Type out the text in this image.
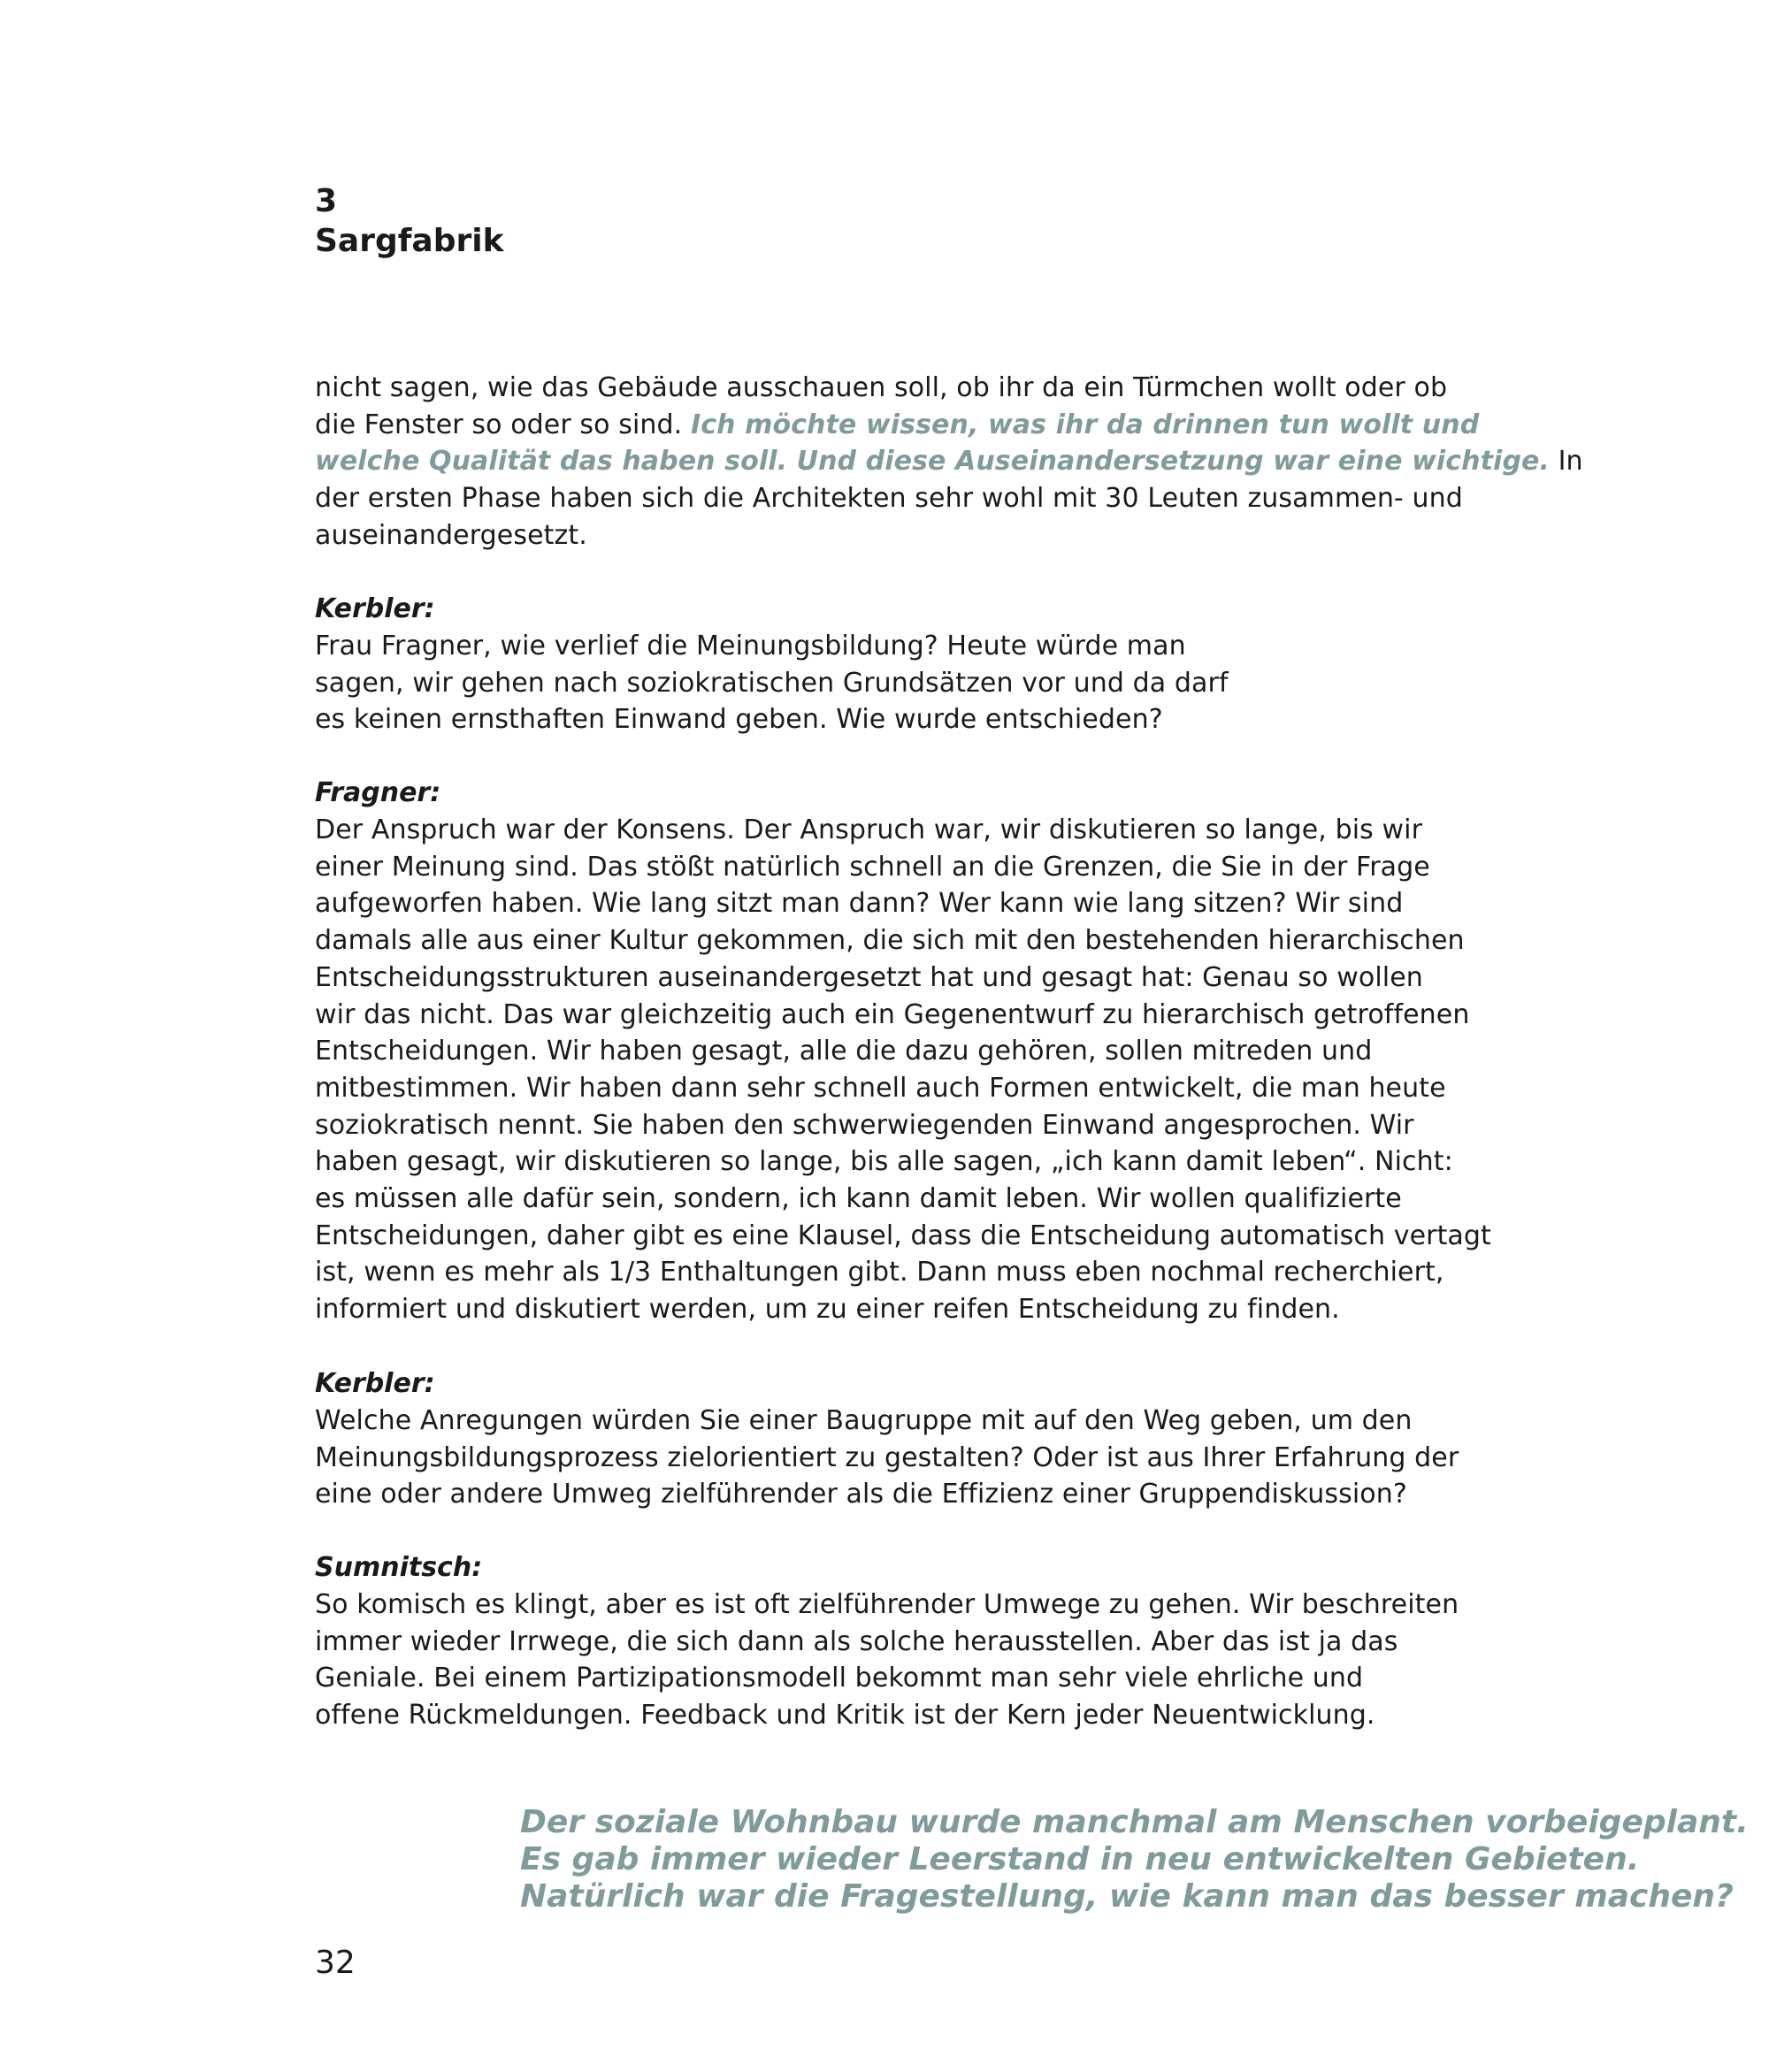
3
Sargfabrik

nicht sagen, wie das Gebäude ausschauen soll, ob ihr da ein Türmchen wollt oder ob
die Fenster so oder so sind. Ich möchte wissen, was ihr da drinnen tun wollt und
welche Qualität das haben soll. Und diese Auseinandersetzung war eine wichtige. In
der ersten Phase haben sich die Architekten sehr wohl mit 30 Leuten zusammen- und
auseinandergesetzt.

Kerbler:

Frau Fragner, wie verlief die Meinungsbildung? Heute würde man
sagen, wir gehen nach soziokratischen Grundsätzen vor und da darf
es keinen ernsthaften Einwand geben. Wie wurde entschieden?

Fragner:

Der Anspruch war der Konsens. Der Anspruch war, wir diskutieren so lange, bis wir
einer Meinung sind. Das stößt natürlich schnell an die Grenzen, die Sie in der Frage
aufgeworfen haben. Wie lang sitzt man dann? Wer kann wie lang sitzen? Wir sind
damals alle aus einer Kultur gekommen, die sich mit den bestehenden hierarchischen
Entscheidungsstrukturen auseinandergesetzt hat und gesagt hat: Genau so wollen
wir das nicht. Das war gleichzeitig auch ein Gegenentwurf zu hierarchisch getroffenen
Entscheidungen. Wir haben gesagt, alle die dazu gehören, sollen mitreden und
mitbestimmen. Wir haben dann sehr schnell auch Formen entwickelt, die man heute
soziokratisch nennt. Sie haben den schwerwiegenden Einwand angesprochen. Wir
haben gesagt, wir diskutieren so lange, bis alle sagen, „ich kann damit leben“. Nicht:
es müssen alle dafür sein, sondern, ich kann damit leben. Wir wollen qualifizierte
Entscheidungen, daher gibt es eine Klausel, dass die Entscheidung automatisch vertagt
ist, wenn es mehr als 1/3 Enthaltungen gibt. Dann muss eben nochmal recherchiert,
informiert und diskutiert werden, um zu einer reifen Entscheidung zu finden.

Kerbler:

Welche Anregungen würden Sie einer Baugruppe mit auf den Weg geben, um den
Meinungsbildungsprozess zielorientiert zu gestalten? Oder ist aus Ihrer Erfahrung der
eine oder andere Umweg zielführender als die Effizienz einer Gruppendiskussion?

Sumnitsch:

So komisch es klingt, aber es ist oft zielführender Umwege zu gehen. Wir beschreiten
immer wieder Irrwege, die sich dann als solche herausstellen. Aber das ist ja das
Geniale. Bei einem Partizipationsmodell bekommt man sehr viele ehrliche und
offene Rückmeldungen. Feedback und Kritik ist der Kern jeder Neuentwicklung.

Der soziale Wohnbau wurde manchmal am Menschen vorbeigeplant.
Es gab immer wieder Leerstand in neu entwickelten Gebieten.
Natürlich war die Fragestellung, wie kann man das besser machen?
32
